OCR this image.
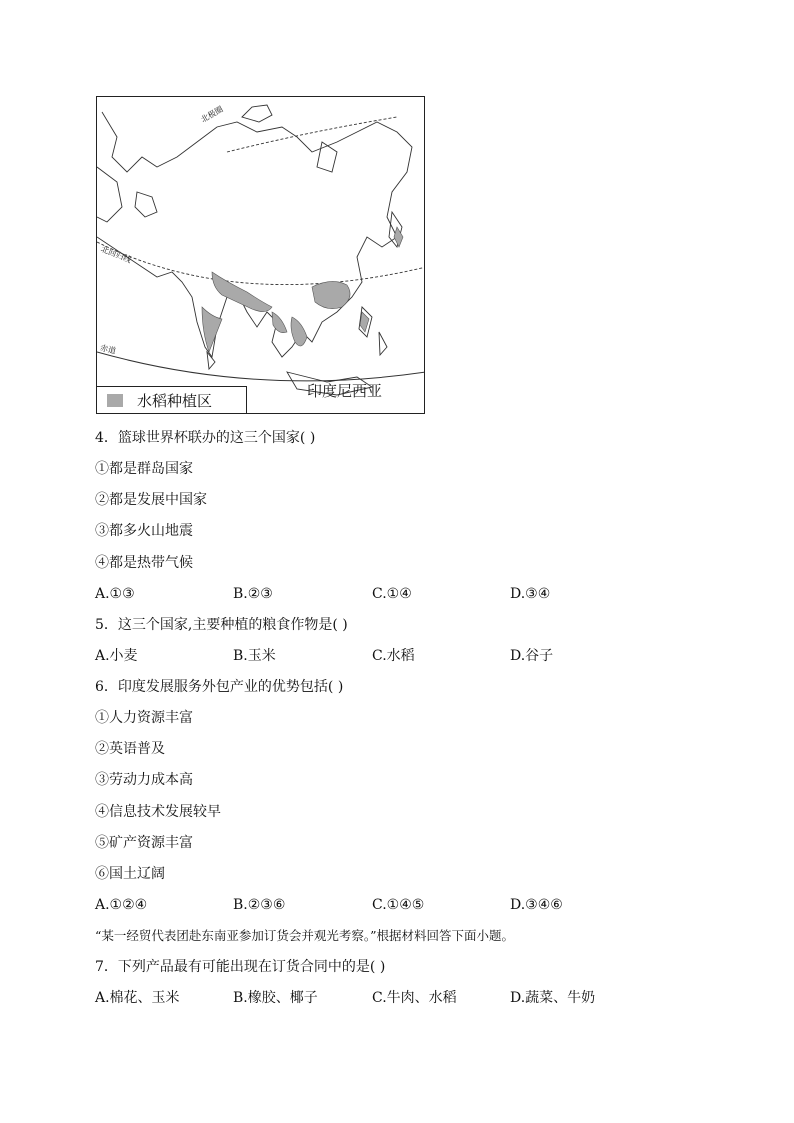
北极圈
北回归线
赤道
印度尼西亚
水稻种植区
4．篮球世界杯联办的这三个国家( )
①都是群岛国家
②都是发展中国家
③都多火山地震
④都是热带气候
A.①③	B.②③	C.①④	D.③④
5．这三个国家,主要种植的粮食作物是( )
A.小麦	B.玉米	C.水稻	D.谷子
6．印度发展服务外包产业的优势包括( )
①人力资源丰富
②英语普及
③劳动力成本高
④信息技术发展较早
⑤矿产资源丰富
⑥国土辽阔
A.①②④	B.②③⑥	C.①④⑤	D.③④⑥
“某一经贸代表团赴东南亚参加订货会并观光考察。”根据材料回答下面小题。
7．下列产品最有可能出现在订货合同中的是( )
A.棉花、玉米	B.橡胶、椰子	C.牛肉、水稻	D.蔬菜、牛奶
